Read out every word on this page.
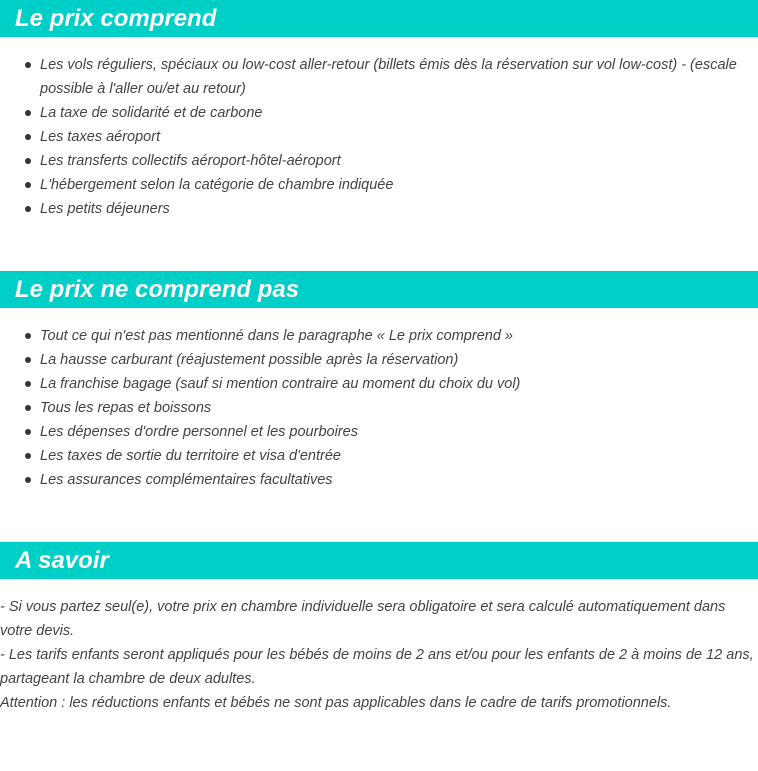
Le prix comprend
Les vols réguliers, spéciaux ou low-cost aller-retour (billets émis dès la réservation sur vol low-cost) - (escale possible à l'aller ou/et au retour)
La taxe de solidarité et de carbone
Les taxes aéroport
Les transferts collectifs aéroport-hôtel-aéroport
L'hébergement selon la catégorie de chambre indiquée
Les petits déjeuners
Le prix ne comprend pas
Tout ce qui n'est pas mentionné dans le paragraphe « Le prix comprend »
La hausse carburant (réajustement possible après la réservation)
La franchise bagage (sauf si mention contraire au moment du choix du vol)
Tous les repas et boissons
Les dépenses d'ordre personnel et les pourboires
Les taxes de sortie du territoire et visa d'entrée
Les assurances complémentaires facultatives
A savoir

- Si vous partez seul(e), votre prix en chambre individuelle sera obligatoire et sera calculé automatiquement dans votre devis.

- Les tarifs enfants seront appliqués pour les bébés de moins de 2 ans et/ou pour les enfants de 2 à moins de 12 ans, partageant la chambre de deux adultes.

Attention : les réductions enfants et bébés ne sont pas applicables dans le cadre de tarifs promotionnels.
